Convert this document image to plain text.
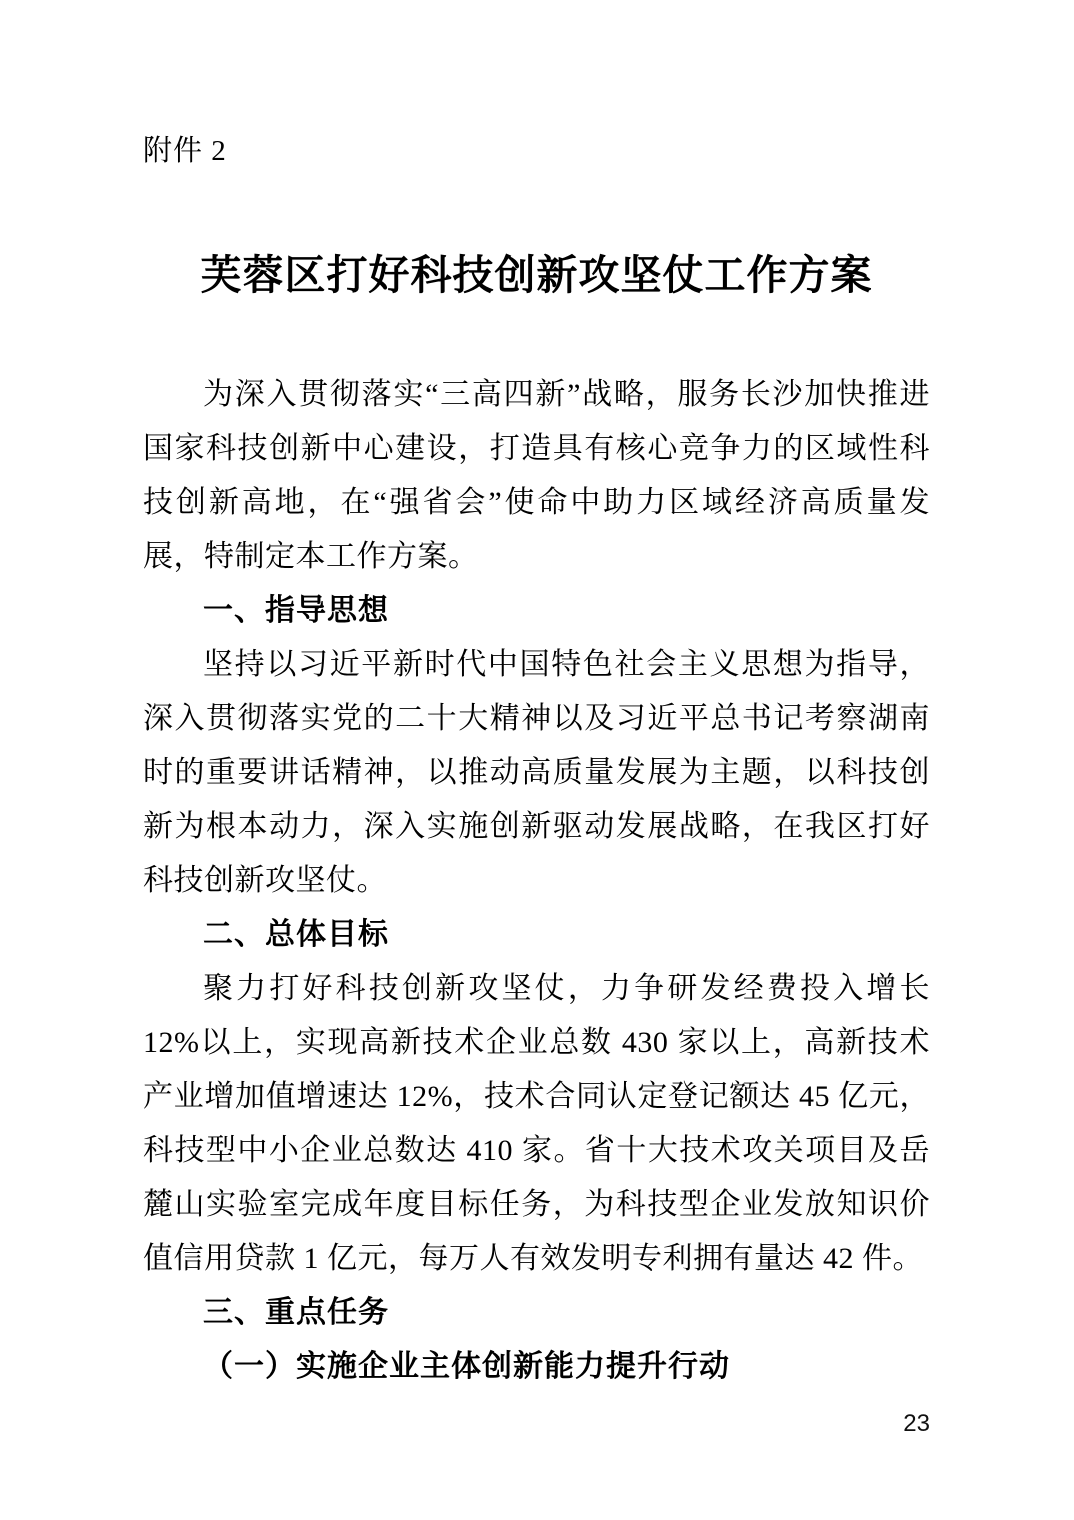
附件 2
芙蓉区打好科技创新攻坚仗工作方案

为深入贯彻落实“三高四新”战略，服务长沙加快推进国家科技创新中心建设，打造具有核心竞争力的区域性科技创新高地，在“强省会”使命中助力区域经济高质量发展，特制定本工作方案。

一、指导思想

坚持以习近平新时代中国特色社会主义思想为指导，深入贯彻落实党的二十大精神以及习近平总书记考察湖南时的重要讲话精神，以推动高质量发展为主题，以科技创新为根本动力，深入实施创新驱动发展战略，在我区打好科技创新攻坚仗。

二、总体目标

聚力打好科技创新攻坚仗，力争研发经费投入增长 12%以上，实现高新技术企业总数 430 家以上，高新技术产业增加值增速达 12%，技术合同认定登记额达 45 亿元，科技型中小企业总数达 410 家。省十大技术攻关项目及岳麓山实验室完成年度目标任务，为科技型企业发放知识价值信用贷款 1 亿元，每万人有效发明专利拥有量达 42 件。

三、重点任务
（一）实施企业主体创新能力提升行动
23
